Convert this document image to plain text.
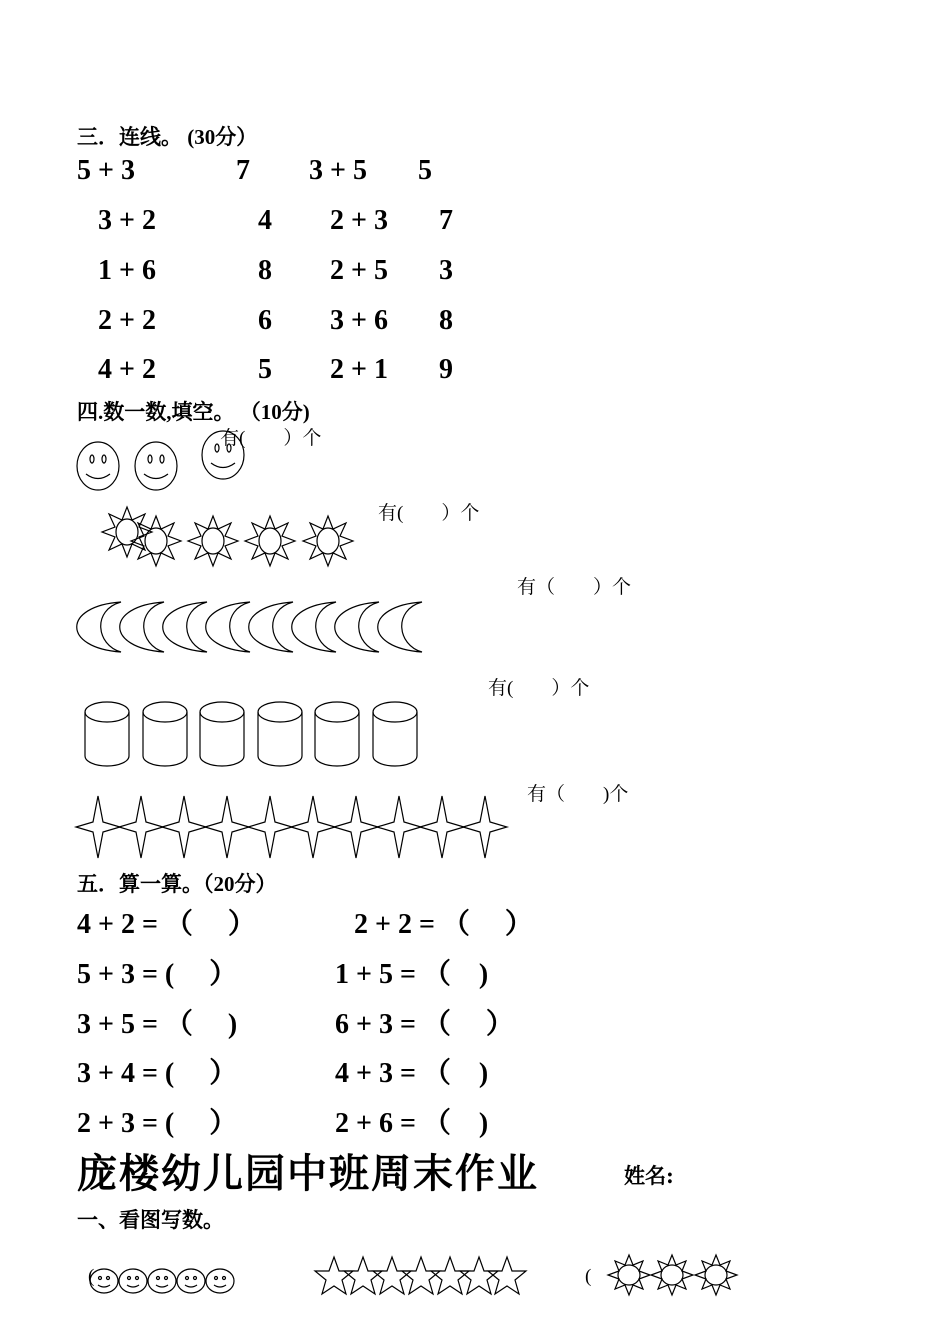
三．连线。 (30分）
5 + 3
3 + 2
1 + 6
2 + 2
4 + 2
7
4
8
6
5
3 + 5
2 + 3
2 + 5
3 + 6
2 + 1
5
7
3
8
9
四.数一数,填空。 （10分)
有(　　）个
有(　　）个
有（　　）个
有(　　）个
有（　　)个
五．算一算。（20分）
4 + 2 = （　 ）
5 + 3 = (　 ）
3 + 5 = （　 )
3 + 4 = (　 ）
2 + 3 = (　 ）
2 + 2 = （　 ）
1 + 5 = （　)
6 + 3 = （　 ）
4 + 3 = （　)
2 + 6 = （　)
庞楼幼儿园中班周末作业	姓名:
一、看图写数。
(	(
